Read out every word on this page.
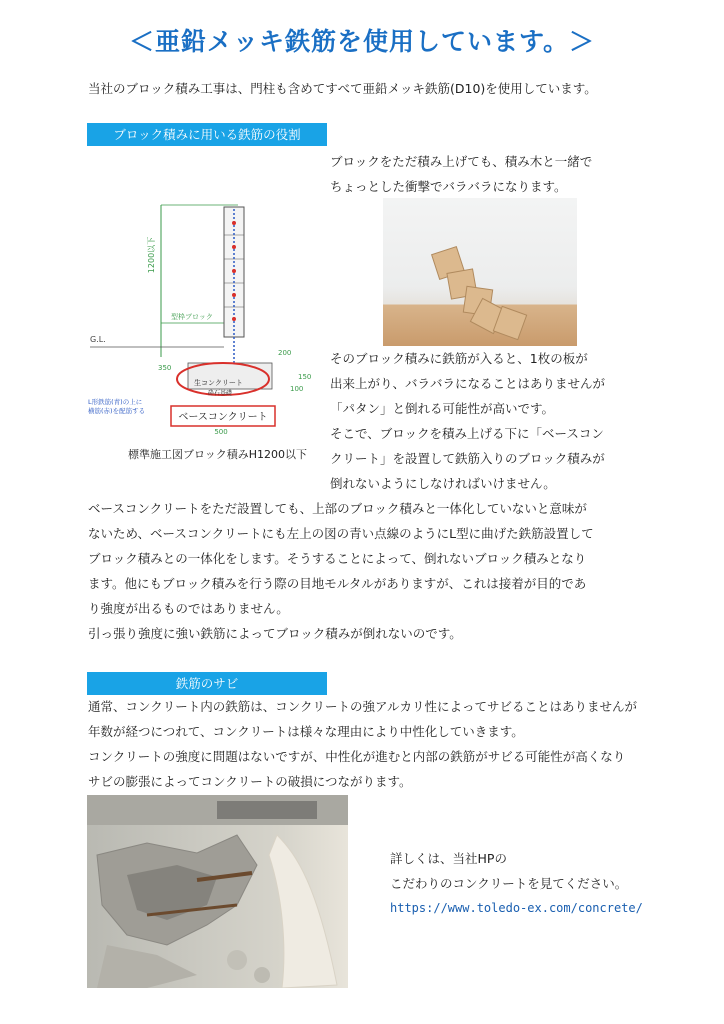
＜亜鉛メッキ鉄筋を使用しています。＞
当社のブロック積み工事は、門柱も含めてすべて亜鉛メッキ鉄筋(D10)を使用しています。
ブロック積みに用いる鉄筋の役割

ブロックをただ積み上げても、積み木と一緒で

ちょっとした衝撃でバラバラになります。

1200以下
型枠ブロック
G.L.
350
200
100
150
生コンクリート
砕石基礎
L形鉄筋(青)の上に
横筋(赤)を配筋する
ベースコンクリート
500
標準施工図ブロック積みH1200以下

そのブロック積みに鉄筋が入ると、1枚の板が

出来上がり、バラバラになることはありませんが

「パタン」と倒れる可能性が高いです。

そこで、ブロックを積み上げる下に「ベースコン

クリート」を設置して鉄筋入りのブロック積みが

倒れないようにしなければいけません。

ベースコンクリートをただ設置しても、上部のブロック積みと一体化していないと意味が

ないため、ベースコンクリートにも左上の図の青い点線のようにL型に曲げた鉄筋設置して

ブロック積みとの一体化をします。そうすることによって、倒れないブロック積みとなり

ます。他にもブロック積みを行う際の目地モルタルがありますが、これは接着が目的であ

り強度が出るものではありません。

引っ張り強度に強い鉄筋によってブロック積みが倒れないのです。

鉄筋のサビ

通常、コンクリート内の鉄筋は、コンクリートの強アルカリ性によってサビることはありませんが

年数が経つにつれて、コンクリートは様々な理由により中性化していきます。

コンクリートの強度に問題はないですが、中性化が進むと内部の鉄筋がサビる可能性が高くなり

サビの膨張によってコンクリートの破損につながります。

詳しくは、当社HPの

こだわりのコンクリートを見てください。

https://www.toledo-ex.com/concrete/
